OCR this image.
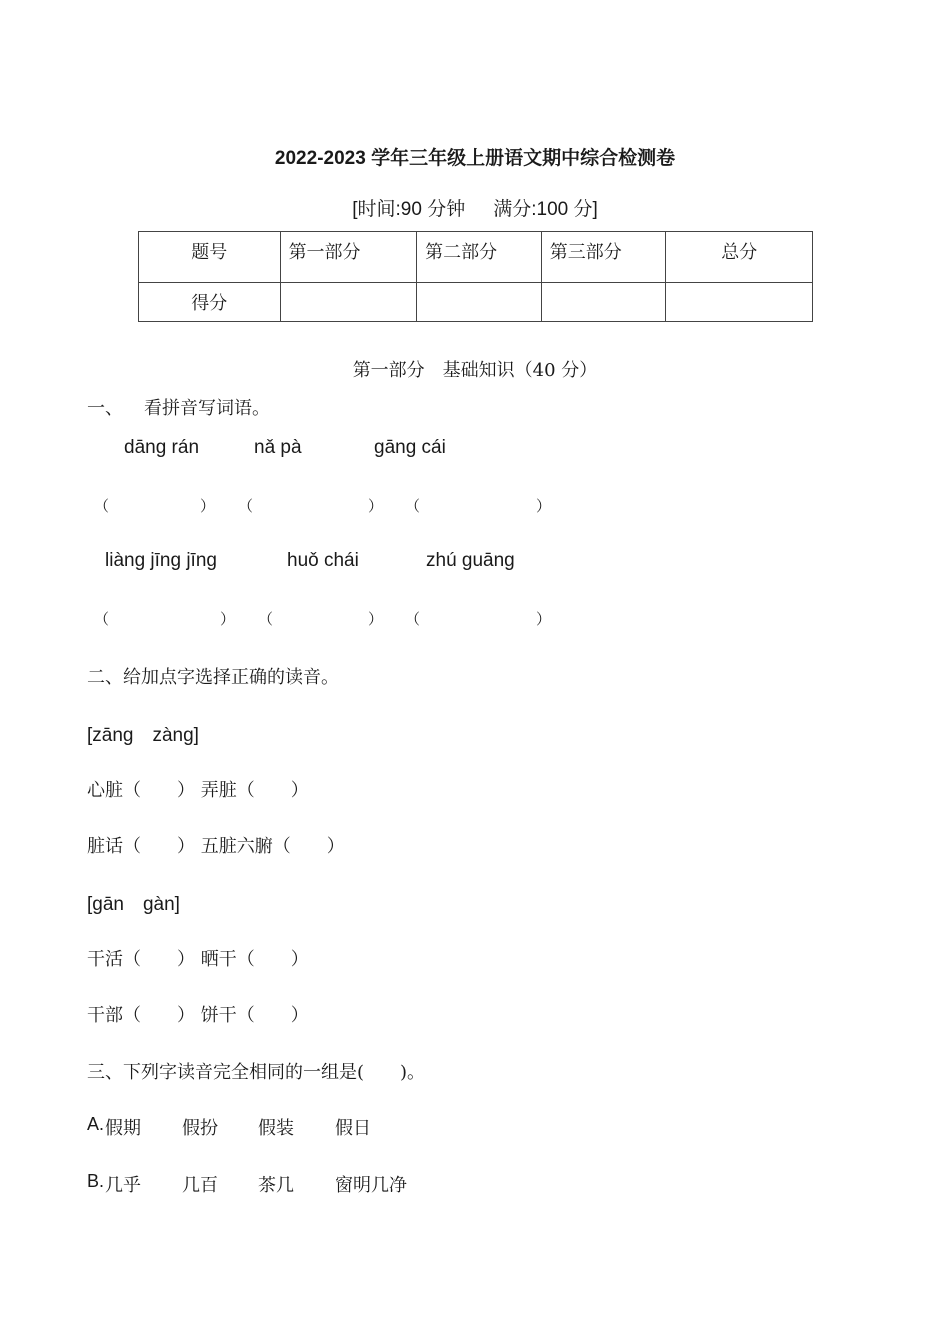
2022-2023 学年三年级上册语文期中综合检测卷
[时间:90 分钟 满分:100 分]
题号	第一部分	第二部分	第三部分	总分
得分				
第一部分　基础知识（40 分）
一、 看拼音写词语。
dāng rán	nǎ pà	gāng cái
（	） （	） （	）
liàng jīng jīng	huǒ chái	zhú guāng
（	） （	） （	）
二、给加点字选择正确的读音。
[zāng　zàng]
心脏（　　） 弄脏（　　）
脏话（　　） 五脏六腑（　　）
[gān　gàn]
干活（　　） 晒干（　　）
干部（　　） 饼干（　　）
三、下列字读音完全相同的一组是(　　)。
A. 假期 假扮 假装 假日
B. 几乎 几百 茶几 窗明几净
